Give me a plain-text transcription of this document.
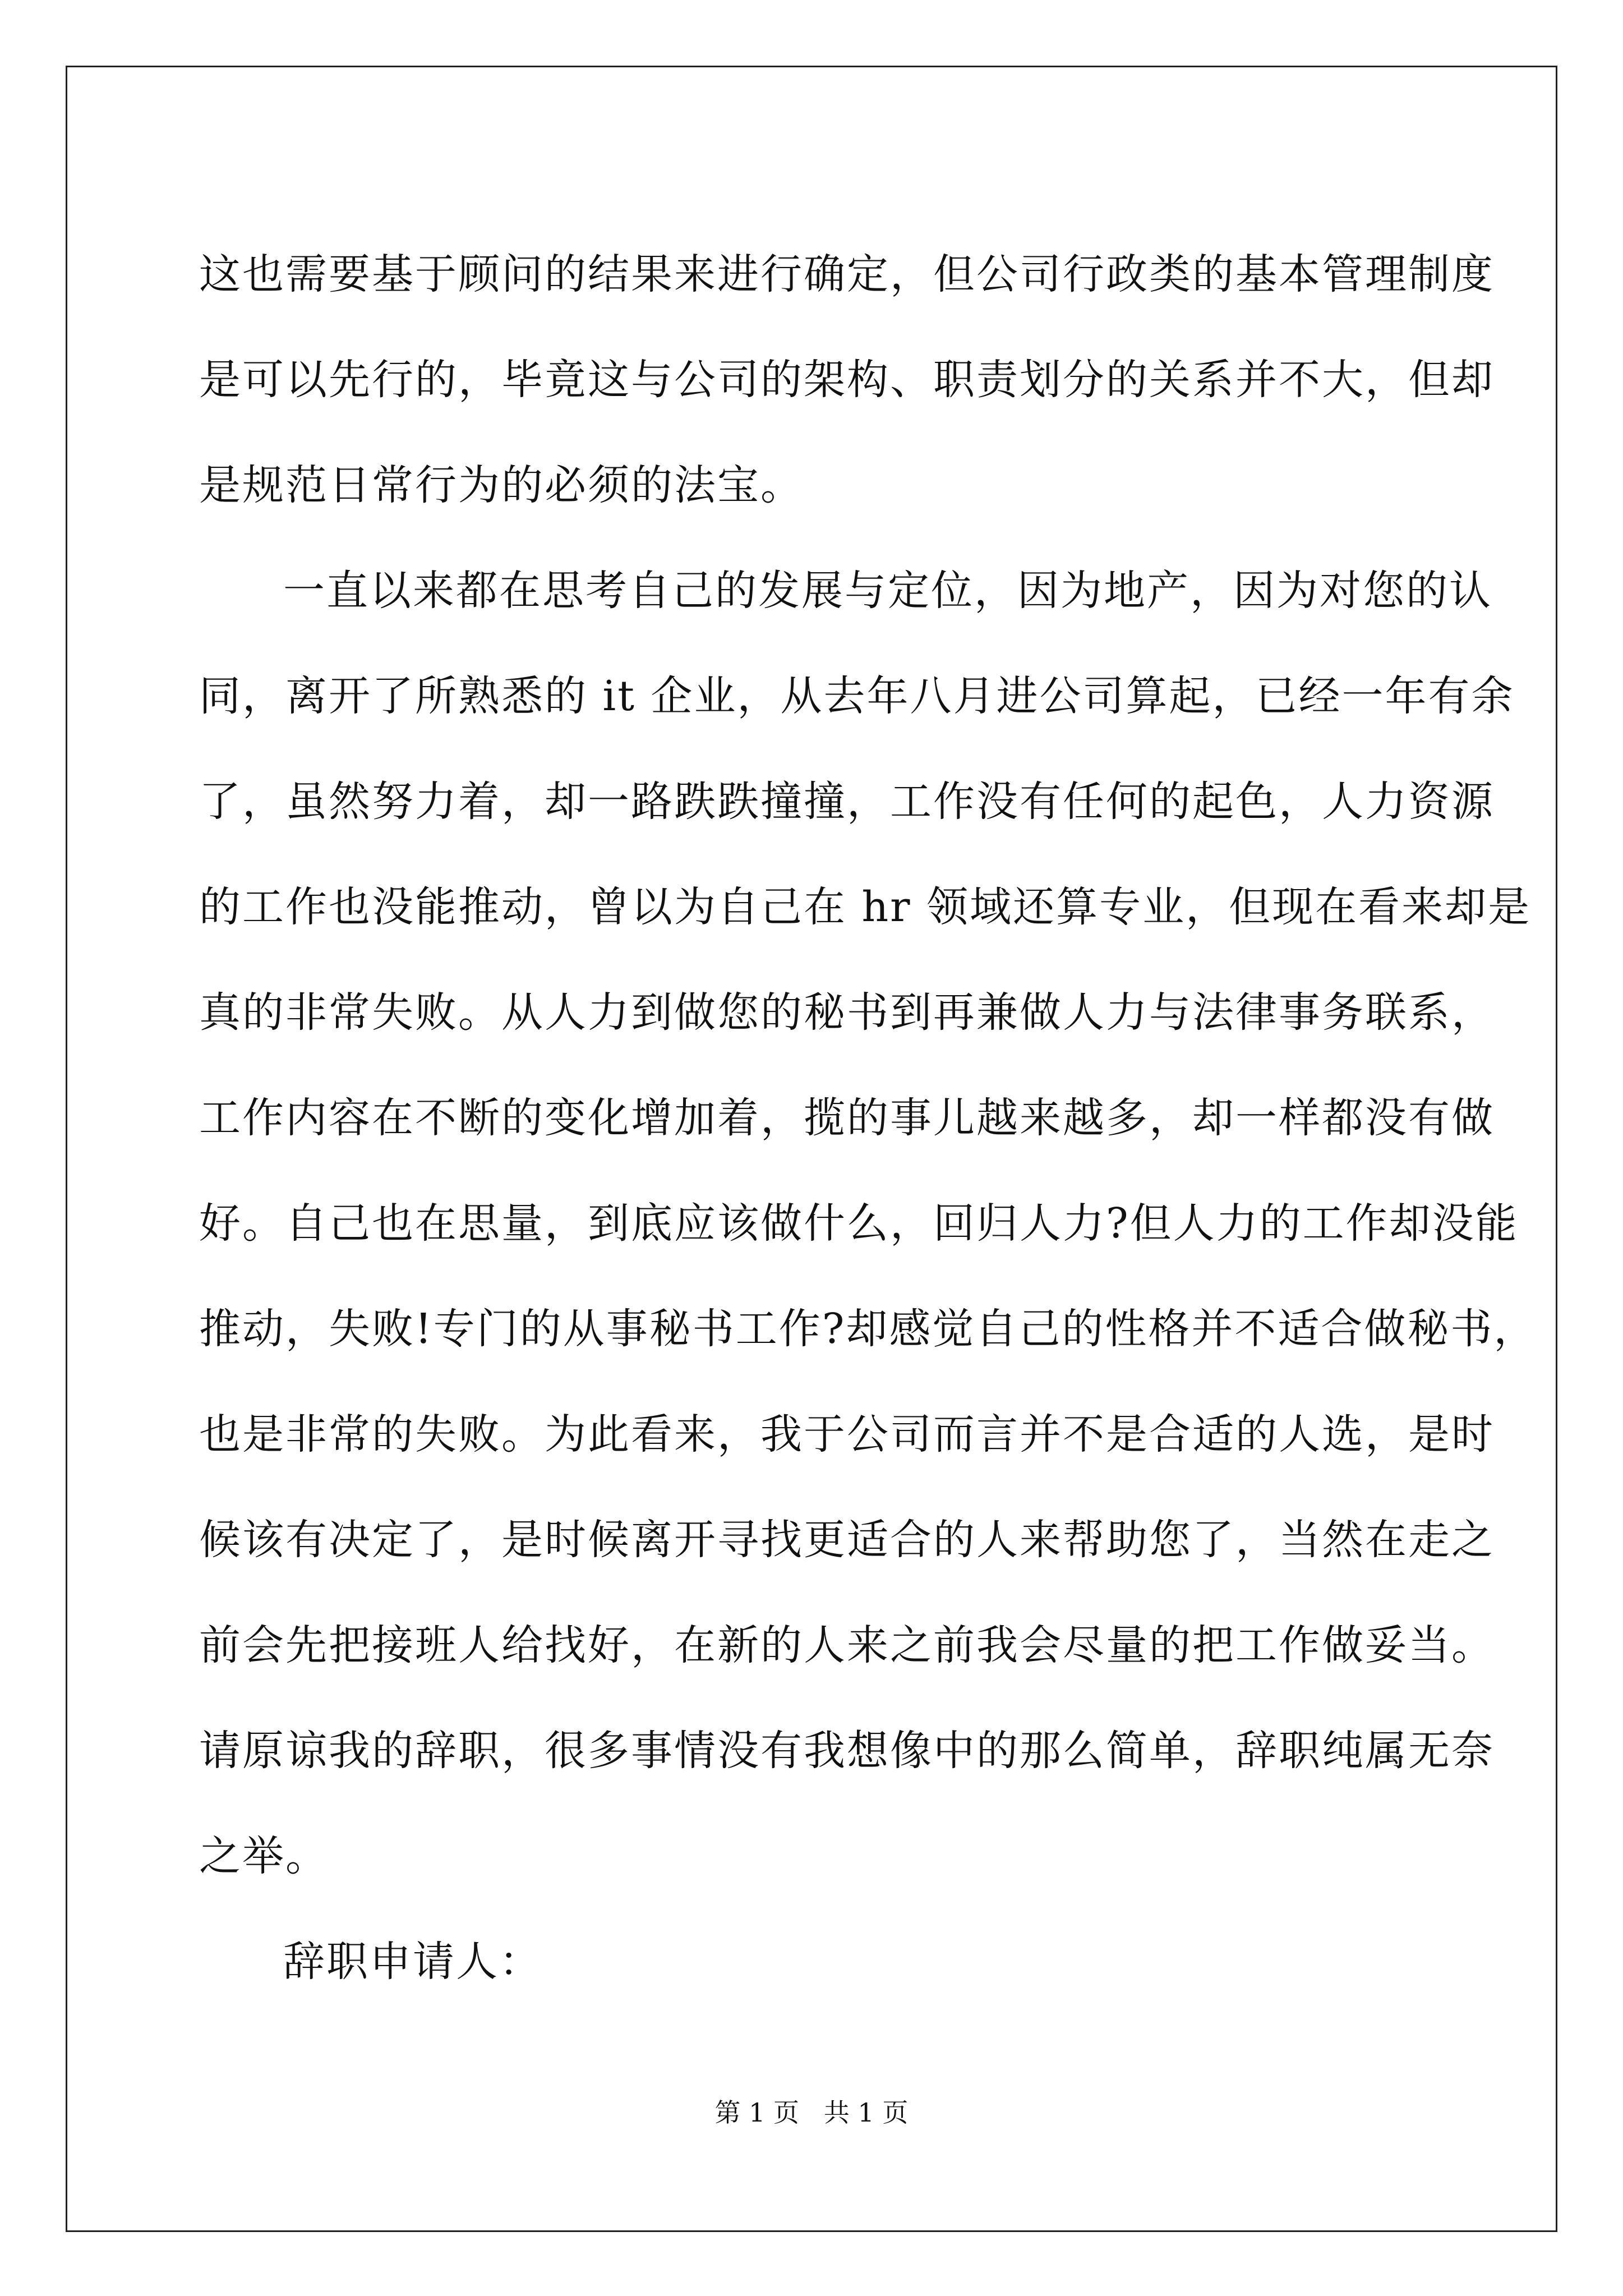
这也需要基于顾问的结果来进行确定，但公司行政类的基本管理制度
是可以先行的，毕竟这与公司的架构、职责划分的关系并不大，但却
是规范日常行为的必须的法宝。
一直以来都在思考自己的发展与定位，因为地产，因为对您的认
同，离开了所熟悉的 it 企业，从去年八月进公司算起，已经一年有余
了，虽然努力着，却一路跌跌撞撞，工作没有任何的起色，人力资源
的工作也没能推动，曾以为自己在 hr 领域还算专业，但现在看来却是
真的非常失败。从人力到做您的秘书到再兼做人力与法律事务联系，
工作内容在不断的变化增加着，揽的事儿越来越多，却一样都没有做
好。自己也在思量，到底应该做什么，回归人力?但人力的工作却没能
推动，失败!专门的从事秘书工作?却感觉自己的性格并不适合做秘书，
也是非常的失败。为此看来，我于公司而言并不是合适的人选，是时
候该有决定了，是时候离开寻找更适合的人来帮助您了，当然在走之
前会先把接班人给找好，在新的人来之前我会尽量的把工作做妥当。
请原谅我的辞职，很多事情没有我想像中的那么简单，辞职纯属无奈
之举。
辞职申请人：
第 1 页   共 1 页
